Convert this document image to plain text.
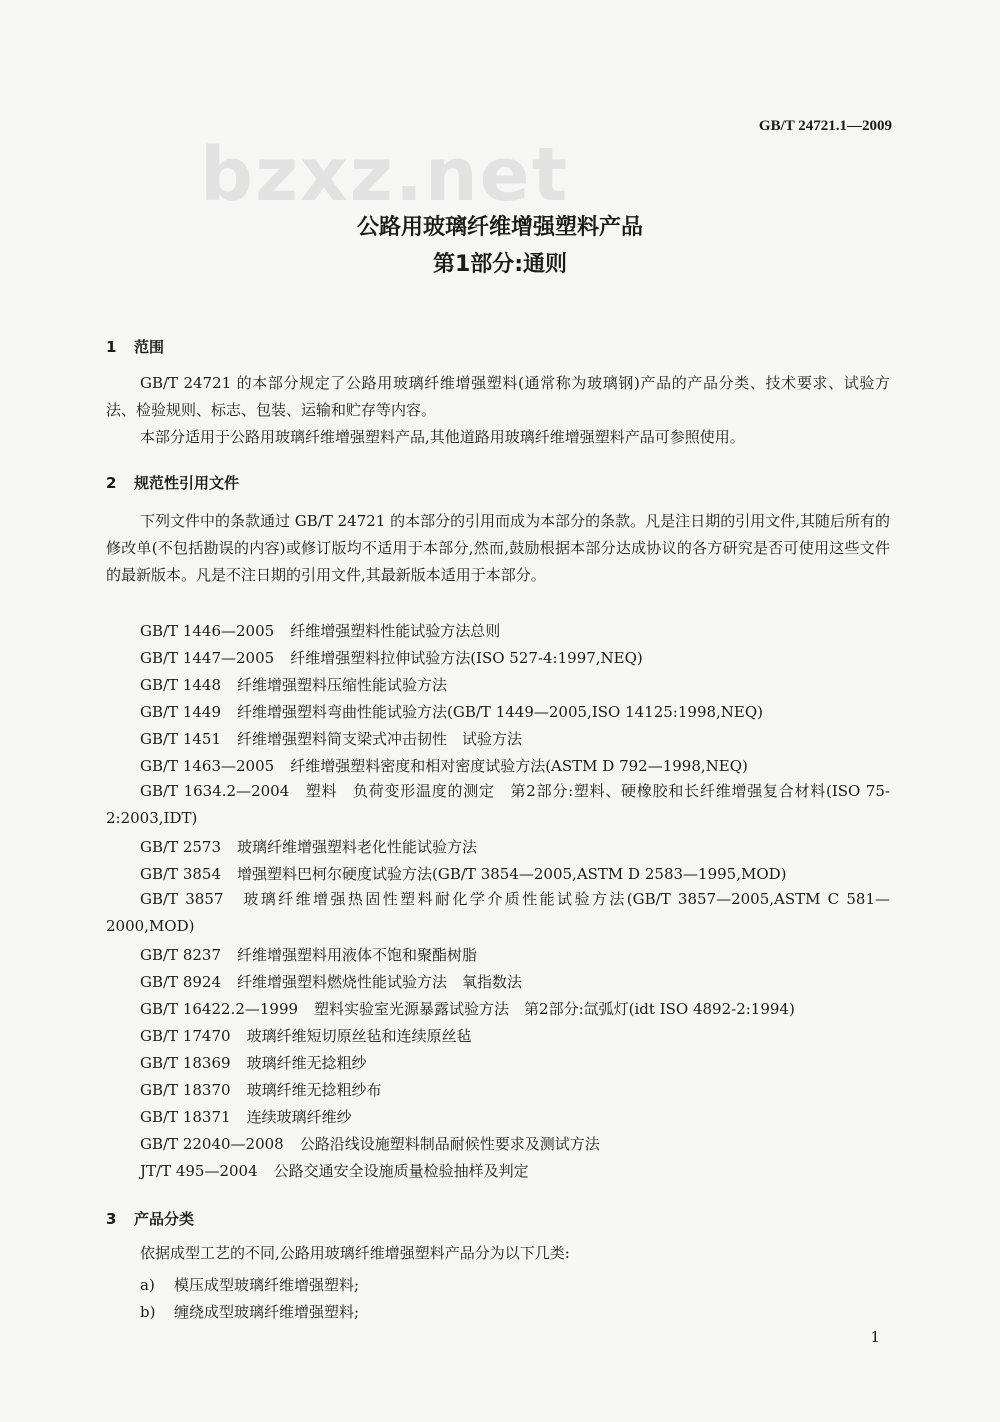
bzxz.net
GB/T 24721.1—2009
公路用玻璃纤维增强塑料产品
第1部分:通则
1 范围
GB/T 24721 的本部分规定了公路用玻璃纤维增强塑料(通常称为玻璃钢)产品的产品分类、技术要求、试验方法、检验规则、标志、包装、运输和贮存等内容。
本部分适用于公路用玻璃纤维增强塑料产品,其他道路用玻璃纤维增强塑料产品可参照使用。
2 规范性引用文件
下列文件中的条款通过 GB/T 24721 的本部分的引用而成为本部分的条款。凡是注日期的引用文件,其随后所有的修改单(不包括勘误的内容)或修订版均不适用于本部分,然而,鼓励根据本部分达成协议的各方研究是否可使用这些文件的最新版本。凡是不注日期的引用文件,其最新版本适用于本部分。
GB/T 1446—2005 纤维增强塑料性能试验方法总则
GB/T 1447—2005 纤维增强塑料拉伸试验方法(ISO 527-4:1997,NEQ)
GB/T 1448 纤维增强塑料压缩性能试验方法
GB/T 1449 纤维增强塑料弯曲性能试验方法(GB/T 1449—2005,ISO 14125:1998,NEQ)
GB/T 1451 纤维增强塑料简支梁式冲击韧性　试验方法
GB/T 1463—2005 纤维增强塑料密度和相对密度试验方法(ASTM D 792—1998,NEQ)
GB/T 1634.2—2004　 塑料　负荷变形温度的测定　第2部分:塑料、硬橡胶和长纤维增强复合材料(ISO 75-2:2003,IDT)
GB/T 2573 玻璃纤维增强塑料老化性能试验方法
GB/T 3854 增强塑料巴柯尔硬度试验方法(GB/T 3854—2005,ASTM D 2583—1995,MOD)
GB/T 3857　 玻璃纤维增强热固性塑料耐化学介质性能试验方法(GB/T 3857—2005,ASTM C 581—2000,MOD)
GB/T 8237 纤维增强塑料用液体不饱和聚酯树脂
GB/T 8924 纤维增强塑料燃烧性能试验方法　氧指数法
GB/T 16422.2—1999 塑料实验室光源暴露试验方法　第2部分:氙弧灯(idt ISO 4892-2:1994)
GB/T 17470 玻璃纤维短切原丝毡和连续原丝毡
GB/T 18369 玻璃纤维无捻粗纱
GB/T 18370 玻璃纤维无捻粗纱布
GB/T 18371 连续玻璃纤维纱
GB/T 22040—2008 公路沿线设施塑料制品耐候性要求及测试方法
JT/T 495—2004 公路交通安全设施质量检验抽样及判定
3 产品分类
依据成型工艺的不同,公路用玻璃纤维增强塑料产品分为以下几类:
a) 模压成型玻璃纤维增强塑料;
b) 缠绕成型玻璃纤维增强塑料;
1
